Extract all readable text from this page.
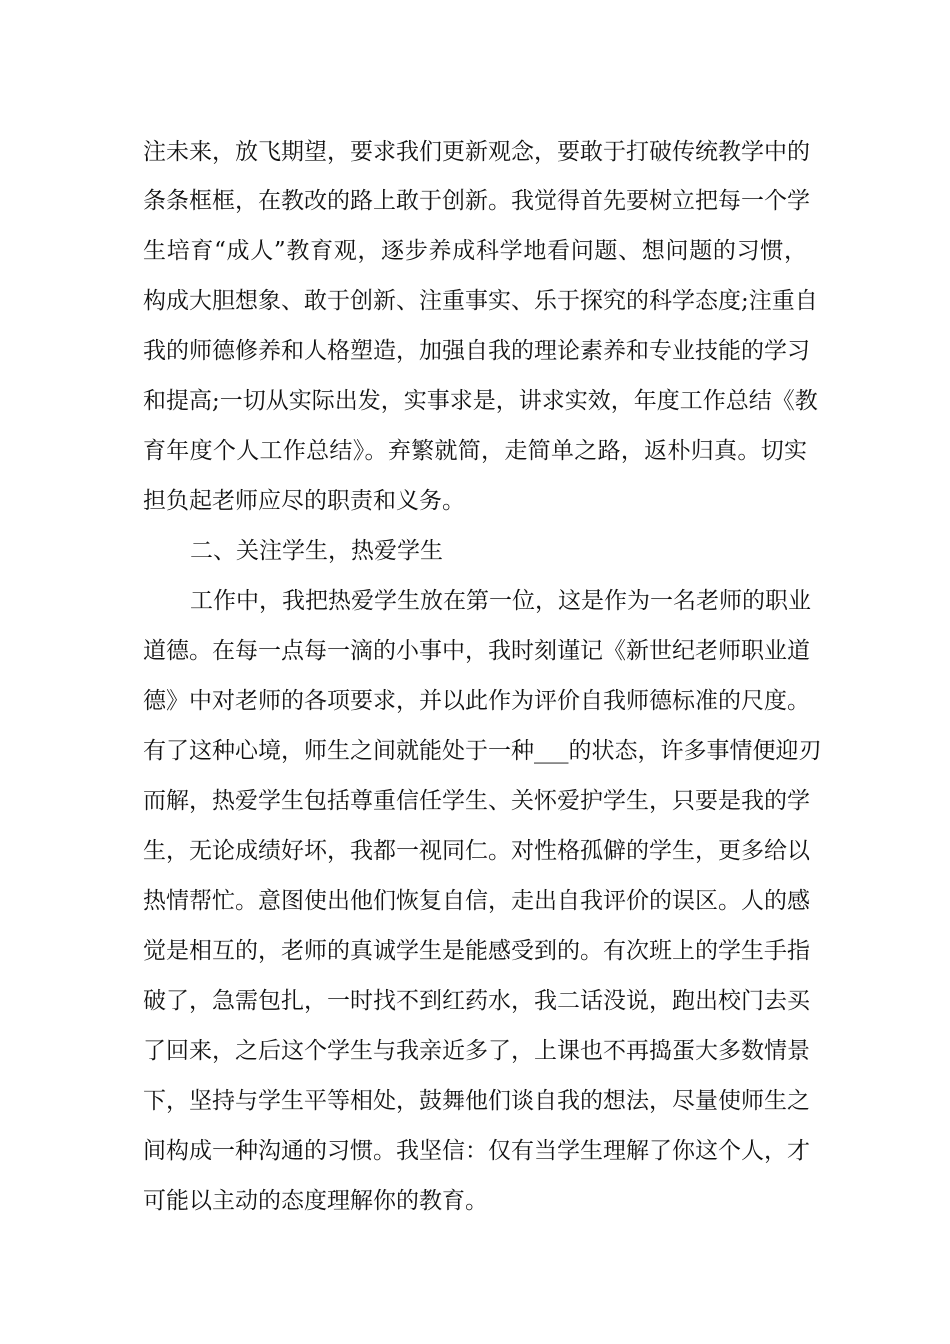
注未来，放飞期望，要求我们更新观念，要敢于打破传统教学中的
条条框框，在教改的路上敢于创新。我觉得首先要树立把每一个学
生培育“成人”教育观，逐步养成科学地看问题、想问题的习惯，
构成大胆想象、敢于创新、注重事实、乐于探究的科学态度;注重自
我的师德修养和人格塑造，加强自我的理论素养和专业技能的学习
和提高;一切从实际出发，实事求是，讲求实效，年度工作总结《教
育年度个人工作总结》。弃繁就简，走简单之路，返朴归真。切实
担负起老师应尽的职责和义务。
二、关注学生，热爱学生
工作中，我把热爱学生放在第一位，这是作为一名老师的职业
道德。在每一点每一滴的小事中，我时刻谨记《新世纪老师职业道
德》中对老师的各项要求，并以此作为评价自我师德标准的尺度。
有了这种心境，师生之间就能处于一种___的状态，许多事情便迎刃
而解，热爱学生包括尊重信任学生、关怀爱护学生，只要是我的学
生，无论成绩好坏，我都一视同仁。对性格孤僻的学生，更多给以
热情帮忙。意图使出他们恢复自信，走出自我评价的误区。人的感
觉是相互的，老师的真诚学生是能感受到的。有次班上的学生手指
破了，急需包扎，一时找不到红药水，我二话没说，跑出校门去买
了回来，之后这个学生与我亲近多了，上课也不再捣蛋大多数情景
下，坚持与学生平等相处，鼓舞他们谈自我的想法，尽量使师生之
间构成一种沟通的习惯。我坚信：仅有当学生理解了你这个人，才
可能以主动的态度理解你的教育。
